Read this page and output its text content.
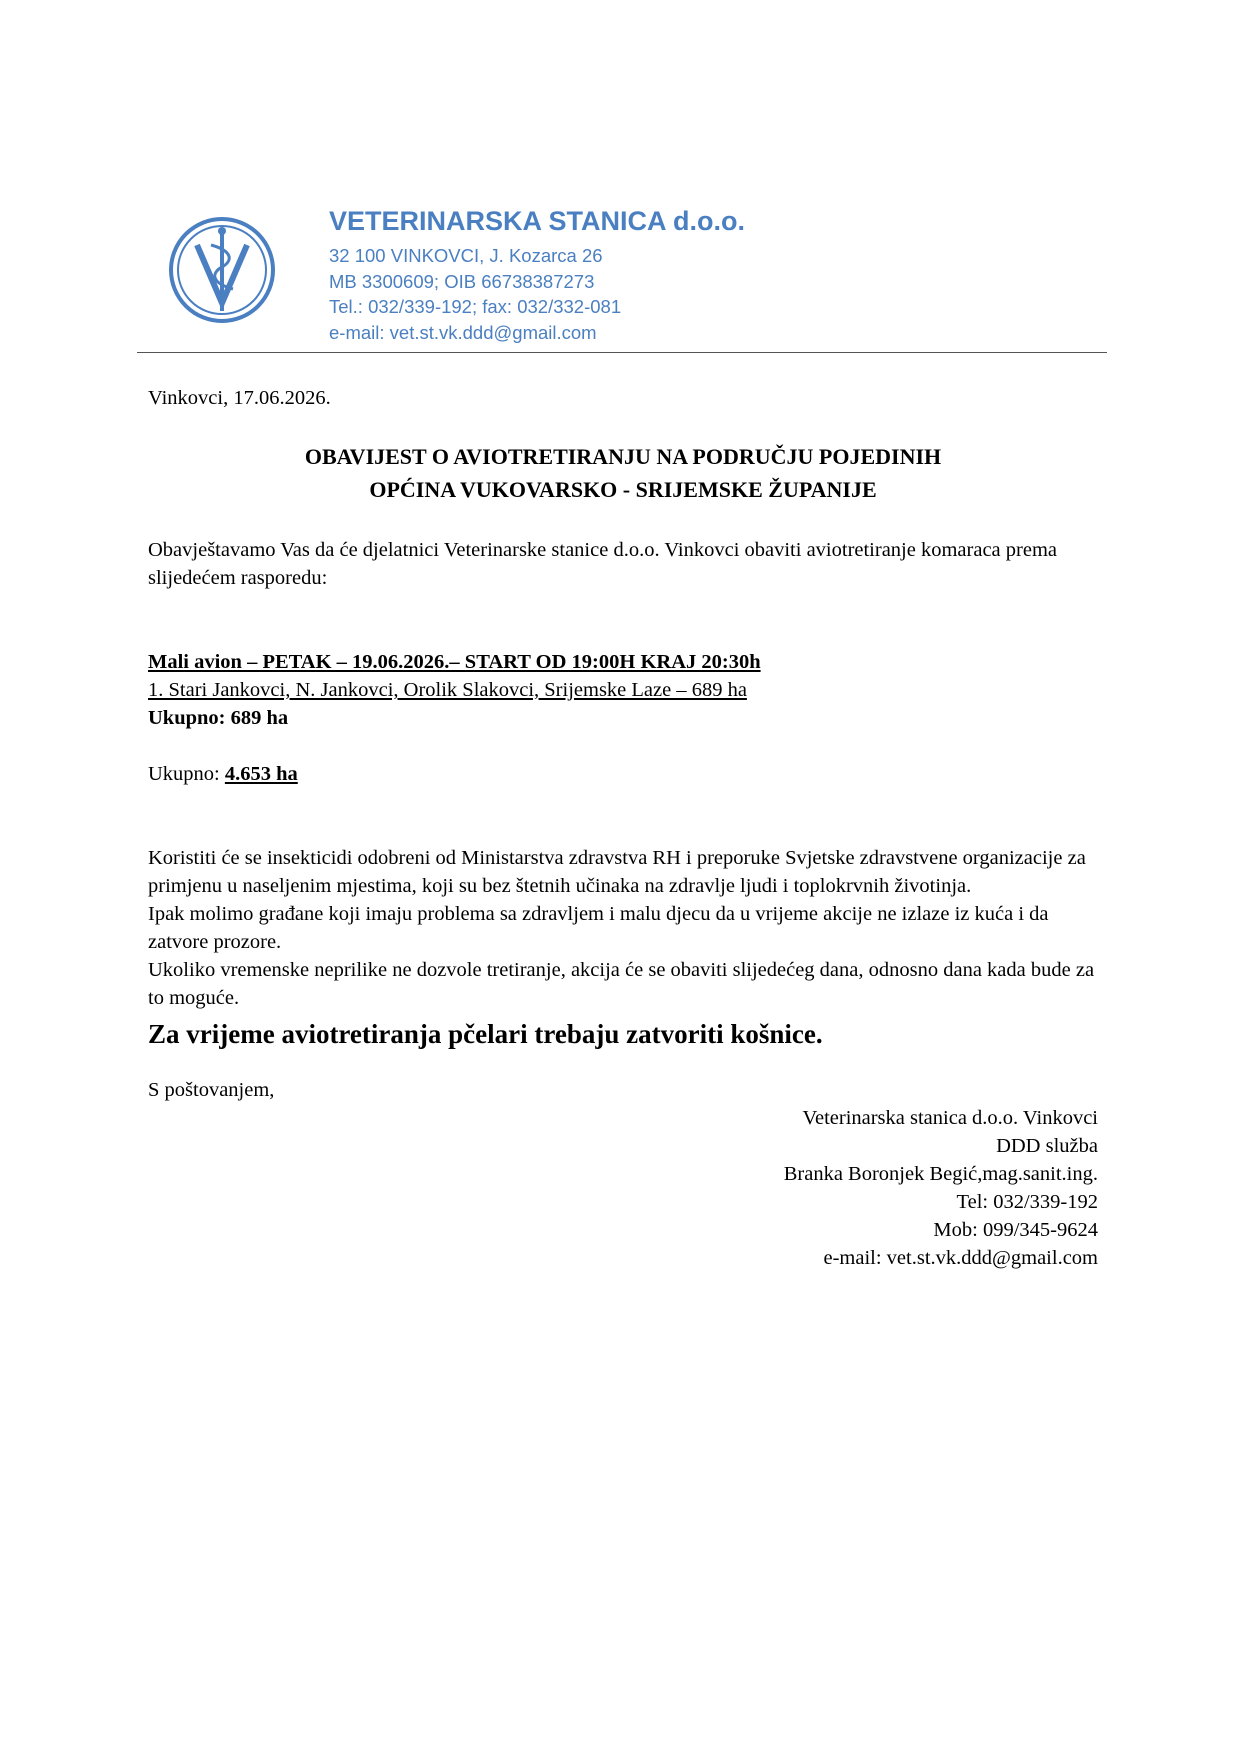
VETERINARSKA STANICA d.o.o.

32 100 VINKOVCI, J. Kozarca 26

MB 3300609; OIB 66738387273

Tel.: 032/339-192; fax: 032/332-081

e-mail: vet.st.vk.ddd@gmail.com

Vinkovci, 17.06.2026.

OBAVIJEST O AVIOTRETIRANJU NA PODRUČJU POJEDINIH
OPĆINA VUKOVARSKO - SRIJEMSKE ŽUPANIJE

Obavještavamo Vas da će djelatnici Veterinarske stanice d.o.o. Vinkovci obaviti aviotretiranje komaraca prema slijedećem rasporedu:

Mali avion – PETAK – 19.06.2026.– START OD 19:00H KRAJ 20:30h

1. Stari Jankovci, N. Jankovci, Orolik Slakovci, Srijemske Laze – 689 ha

Ukupno: 689 ha

Ukupno: 4.653 ha

Koristiti će se insekticidi odobreni od Ministarstva zdravstva RH i preporuke Svjetske zdravstvene organizacije za primjenu u naseljenim mjestima, koji su bez štetnih učinaka na zdravlje ljudi i toplokrvnih životinja.

Ipak molimo građane koji imaju problema sa zdravljem i malu djecu da u vrijeme akcije ne izlaze iz kuća i da zatvore prozore.

Ukoliko vremenske neprilike ne dozvole tretiranje, akcija će se obaviti slijedećeg dana, odnosno dana kada bude za to moguće.

Za vrijeme aviotretiranja pčelari trebaju zatvoriti košnice.

S poštovanjem,

Veterinarska stanica d.o.o. Vinkovci

DDD služba

Branka Boronjek Begić,mag.sanit.ing.

Tel: 032/339-192

Mob: 099/345-9624

e-mail: vet.st.vk.ddd@gmail.com
